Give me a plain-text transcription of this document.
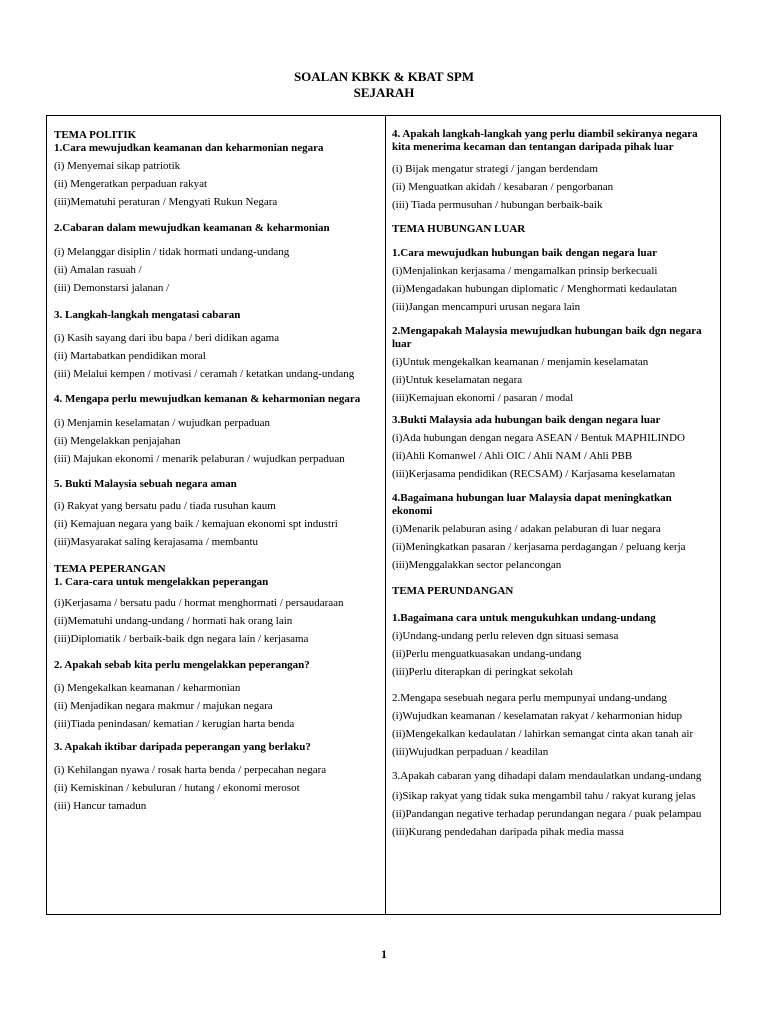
SOALAN KBKK & KBAT SPM
SEJARAH
TEMA POLITIK
1.Cara mewujudkan keamanan dan keharmonian negara
(i) Menyemai sikap patriotik
(ii) Mengeratkan perpaduan rakyat
(iii)Mematuhi peraturan / Mengyati Rukun Negara
2.Cabaran dalam mewujudkan keamanan & keharmonian
(i) Melanggar disiplin / tidak hormati undang-undang
(ii) Amalan rasuah /
(iii) Demonstarsi jalanan /
3. Langkah-langkah mengatasi cabaran
(i) Kasih sayang dari ibu bapa / beri didikan agama
(ii) Martabatkan pendidikan moral
(iii) Melalui kempen / motivasi / ceramah / ketatkan undang-undang
4. Mengapa perlu mewujudkan kemanan & keharmonian negara
(i) Menjamin keselamatan / wujudkan perpaduan
(ii) Mengelakkan penjajahan
(iii) Majukan ekonomi / menarik pelaburan / wujudkan perpaduan
5. Bukti Malaysia sebuah negara aman
(i) Rakyat yang bersatu padu / tiada rusuhan kaum
(ii) Kemajuan negara yang baik / kemajuan ekonomi spt industri
(iii)Masyarakat saling kerajasama / membantu
TEMA PEPERANGAN
1. Cara-cara untuk mengelakkan peperangan
(i)Kerjasama / bersatu padu / hormat menghormati / persaudaraan
(ii)Mematuhi undang-undang / hormati hak orang lain
(iii)Diplomatik / berbaik-baik dgn negara lain / kerjasama
2. Apakah sebab kita perlu mengelakkan peperangan?
(i) Mengekalkan keamanan / keharmonian
(ii) Menjadikan negara makmur / majukan negara
(iii)Tiada penindasan/ kematian / kerugian harta benda
3. Apakah iktibar daripada peperangan yang berlaku?
(i) Kehilangan nyawa / rosak harta benda / perpecahan negara
(ii) Kemiskinan / kebuluran / hutang / ekonomi merosot
(iii) Hancur tamadun
4. Apakah langkah-langkah yang perlu diambil sekiranya negara kita menerima kecaman dan tentangan daripada pihak luar
(i) Bijak mengatur strategi / jangan berdendam
(ii) Menguatkan akidah / kesabaran / pengorbanan
(iii) Tiada permusuhan / hubungan berbaik-baik
TEMA HUBUNGAN LUAR
1.Cara mewujudkan hubungan baik dengan negara luar
(i)Menjalinkan kerjasama / mengamalkan prinsip berkecuali
(ii)Mengadakan hubungan diplomatic / Menghormati kedaulatan
(iii)Jangan mencampuri urusan negara lain
2.Mengapakah Malaysia mewujudkan hubungan baik dgn negara luar
(i)Untuk mengekalkan keamanan / menjamin keselamatan
(ii)Untuk keselamatan negara
(iii)Kemajuan ekonomi / pasaran / modal
3.Bukti Malaysia ada hubungan baik dengan negara luar
(i)Ada hubungan dengan negara ASEAN / Bentuk MAPHILINDO
(ii)Ahli Komanwel / Ahli OIC / Ahli NAM / Ahli PBB
(iii)Kerjasama pendidikan (RECSAM) / Karjasama keselamatan
4.Bagaimana hubungan luar Malaysia dapat meningkatkan ekonomi
(i)Menarik pelaburan asing / adakan pelaburan di luar negara
(ii)Meningkatkan pasaran / kerjasama perdagangan / peluang kerja
(iii)Menggalakkan sector pelancongan
TEMA PERUNDANGAN
1.Bagaimana cara untuk mengukuhkan undang-undang
(i)Undang-undang perlu releven dgn situasi semasa
(ii)Perlu menguatkuasakan undang-undang
(iii)Perlu diterapkan di peringkat sekolah
2.Mengapa sesebuah negara perlu mempunyai undang-undang
(i)Wujudkan keamanan / keselamatan rakyat / keharmonian hidup
(ii)Mengekalkan kedaulatan / lahirkan semangat cinta akan tanah air
(iii)Wujudkan perpaduan / keadilan
3.Apakah cabaran yang dihadapi dalam mendaulatkan undang-undang
(i)Sikap rakyat yang tidak suka mengambil tahu / rakyat kurang jelas
(ii)Pandangan negative terhadap perundangan negara / puak pelampau
(iii)Kurang pendedahan daripada pihak media massa
1
